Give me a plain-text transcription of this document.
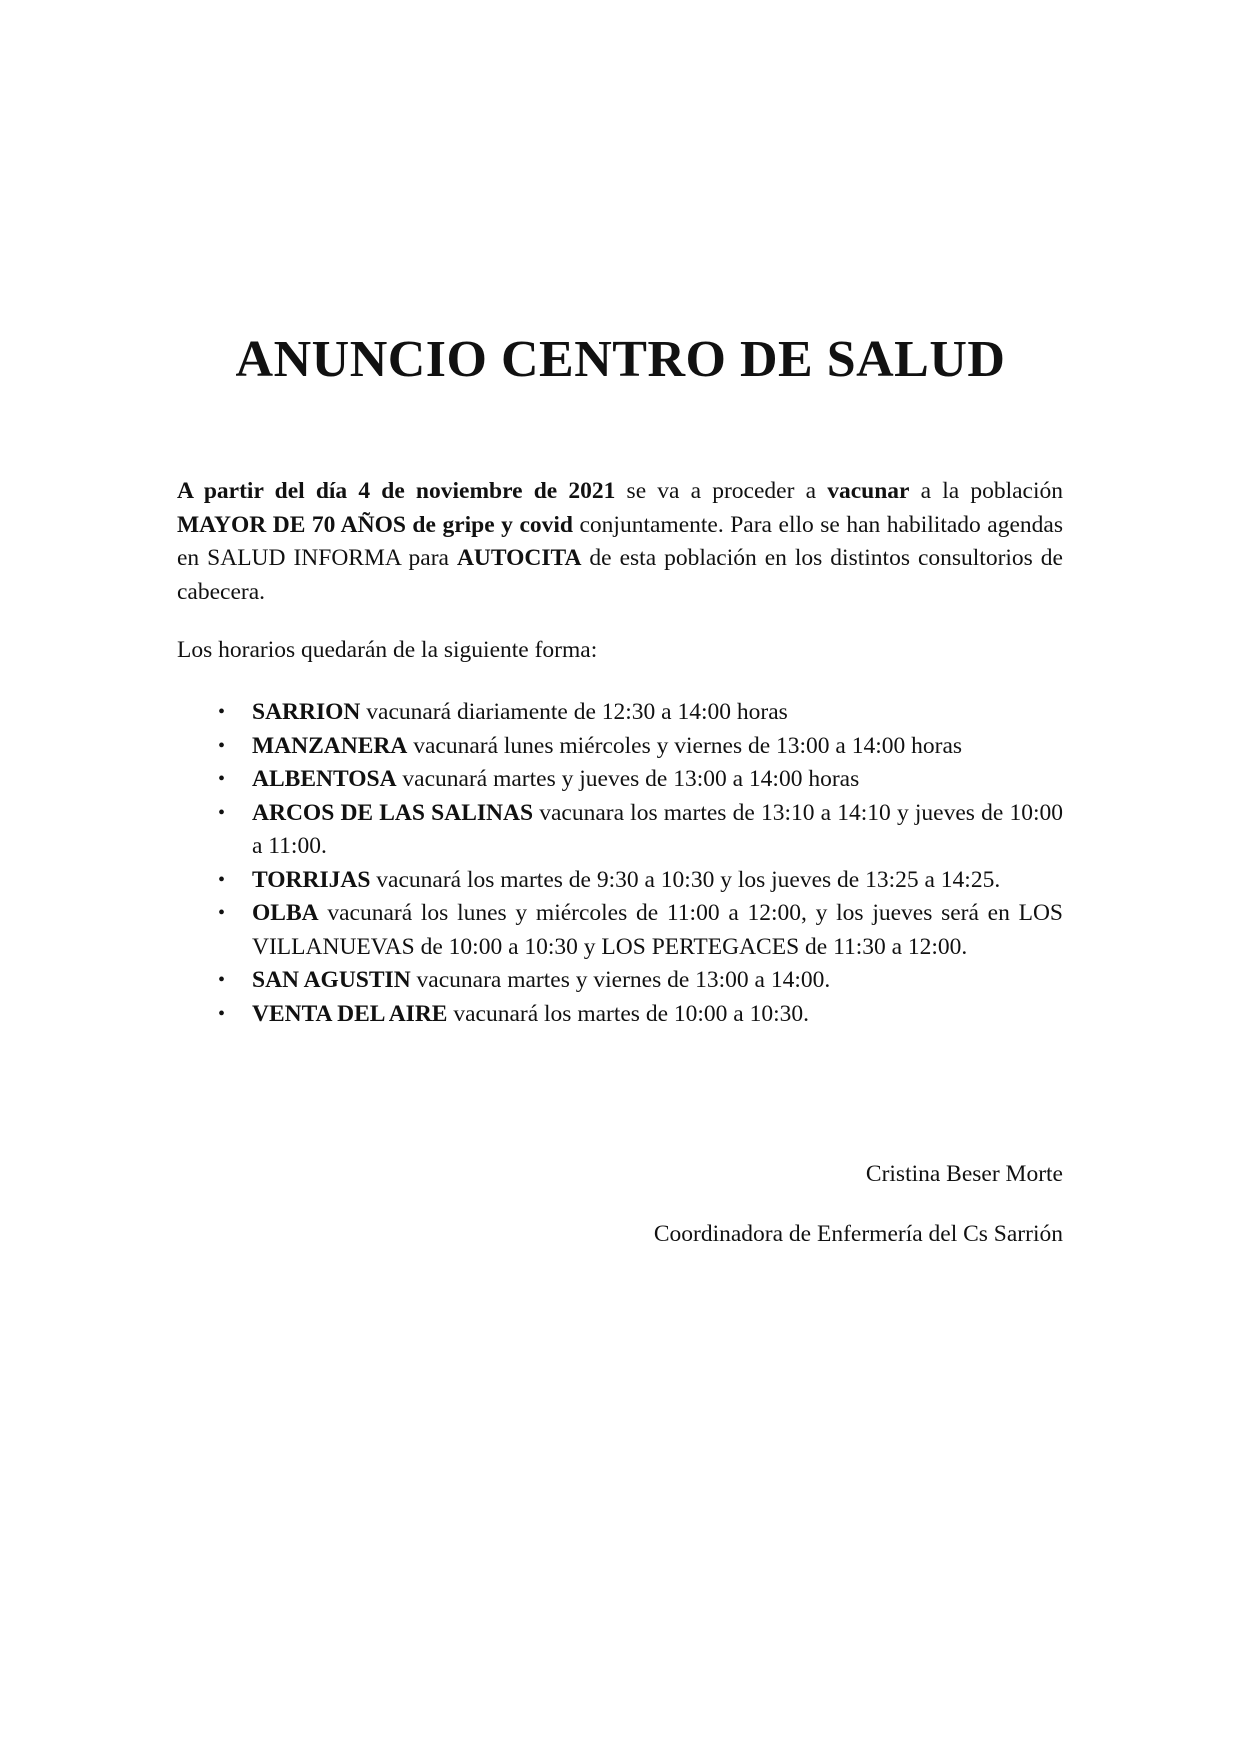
ANUNCIO CENTRO DE SALUD

A partir del día 4 de noviembre de 2021 se va a proceder a vacunar a la población MAYOR DE 70 AÑOS de gripe y covid conjuntamente. Para ello se han habilitado agendas en SALUD INFORMA para AUTOCITA de esta población en los distintos consultorios de cabecera.

Los horarios quedarán de la siguiente forma:

• SARRION vacunará diariamente de 12:30 a 14:00 horas
• MANZANERA vacunará lunes miércoles y viernes de 13:00 a 14:00 horas
• ALBENTOSA vacunará martes y jueves de 13:00 a 14:00 horas
• ARCOS DE LAS SALINAS vacunara los martes de 13:10 a 14:10 y jueves de 10:00 a 11:00.
• TORRIJAS vacunará los martes de 9:30 a 10:30 y los jueves de 13:25 a 14:25.
• OLBA vacunará los lunes y miércoles de 11:00 a 12:00, y los jueves será en LOS VILLANUEVAS de 10:00 a 10:30 y LOS PERTEGACES de 11:30 a 12:00.
• SAN AGUSTIN vacunara martes y viernes de 13:00 a 14:00.
• VENTA DEL AIRE vacunará los martes de 10:00 a 10:30.

Cristina Beser Morte

Coordinadora de Enfermería del Cs Sarrión
